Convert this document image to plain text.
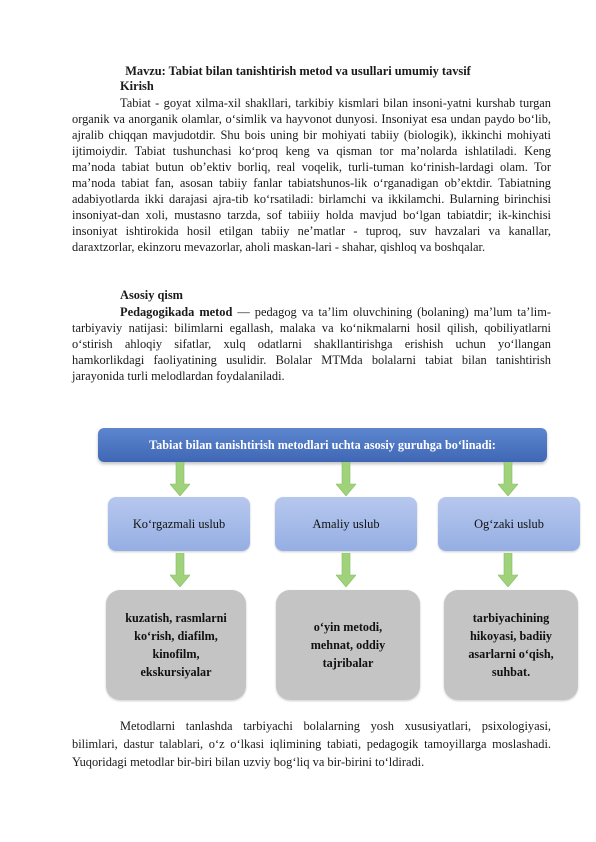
Mavzu: Tabiat bilan tanishtirish metod va usullari umumiy tavsif
Kirish

Tabiat - goyat xilma-xil shakllari, tarkibiy kismlari bilan insoni-yatni kurshab turgan organik va anorganik olamlar, o‘simlik va hayvonot dunyosi. Insoniyat esa undan paydo bo‘lib, ajralib chiqqan mavjudotdir. Shu bois uning bir mohiyati tabiiy (biologik), ikkinchi mohiyati ijtimoiydir. Tabiat tushunchasi ko‘proq keng va qisman tor ma’nolarda ishlatiladi. Keng ma’noda tabiat butun ob’ektiv borliq, real voqelik, turli-tuman ko‘rinish-lardagi olam. Tor ma’noda tabiat fan, asosan tabiiy fanlar tabiatshunos-lik o‘rganadigan ob’ektdir. Tabiatning adabiyotlarda ikki darajasi ajra-tib ko‘rsatiladi: birlamchi va ikkilamchi. Bularning birinchisi insoniyat-dan xoli, mustasno tarzda, sof tabiiiy holda mavjud bo‘lgan tabiatdir; ik-kinchisi insoniyat ishtirokida hosil etilgan tabiiy ne’matlar - tuproq, suv havzalari va kanallar, daraxtzorlar, ekinzoru mevazorlar, aholi maskan-lari - shahar, qishloq va boshqalar.

Asosiy qism

Pedagogikada metod — pedagog va ta’lim oluvchining (bolaning) ma’lum ta’lim-tarbiyaviy natijasi: bilimlarni egallash, malaka va ko‘nikmalarni hosil qilish, qobiliyatlarni o‘stirish ahloqiy sifatlar, xulq odatlarni shakllantirishga erishish uchun yo‘llangan hamkorlikdagi faoliyatining usulidir. Bolalar MTMda bolalarni tabiat bilan tanishtirish jarayonida turli melodlardan foydalaniladi.

Tabiat bilan tanishtirish metodlari uchta asosiy guruhga bo‘linadi:
Ko‘rgazmali uslub	Amaliy uslub	Og‘zaki uslub
kuzatish, rasmlarni
ko‘rish, diafilm,
kinofilm,
ekskursiyalar
o‘yin metodi,
mehnat, oddiy
tajribalar
tarbiyachining
hikoyasi, badiiy
asarlarni o‘qish,
suhbat.

Metodlarni tanlashda tarbiyachi bolalarning yosh xususiyatlari, psixologiyasi, bilimlari, dastur talablari, o‘z o‘lkasi iqlimining tabiati, pedagogik tamoyillarga moslashadi. Yuqoridagi metodlar bir-biri bilan uzviy bog‘liq va bir-birini to‘ldiradi.
